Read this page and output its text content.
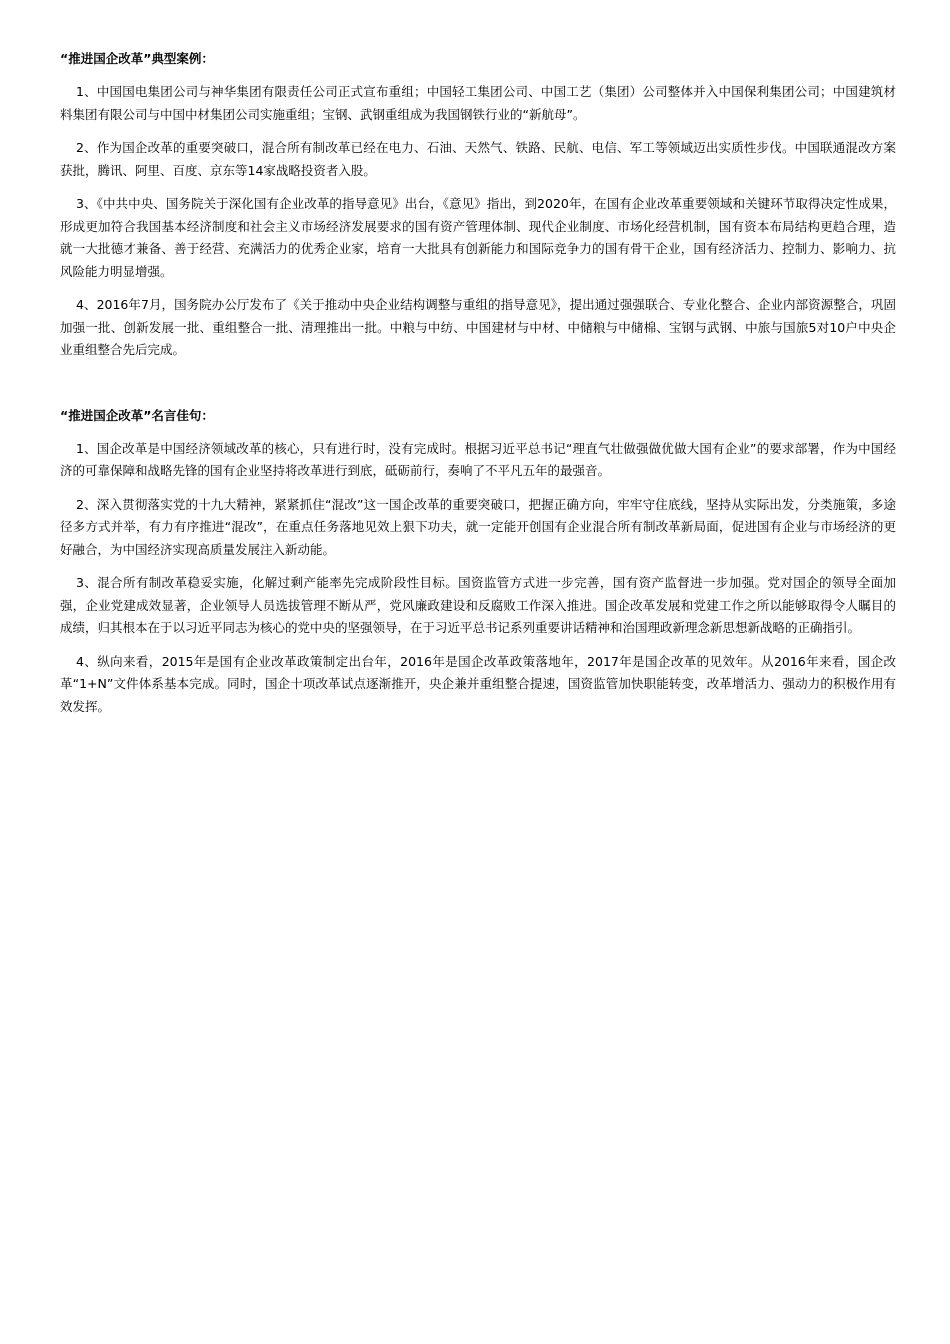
“推进国企改革”典型案例：

1、中国国电集团公司与神华集团有限责任公司正式宣布重组；中国轻工集团公司、中国工艺（集团）公司整体并入中国保利集团公司；中国建筑材料集团有限公司与中国中材集团公司实施重组；宝钢、武钢重组成为我国钢铁行业的“新航母”。

2、作为国企改革的重要突破口，混合所有制改革已经在电力、石油、天然气、铁路、民航、电信、军工等领域迈出实质性步伐。中国联通混改方案获批，腾讯、阿里、百度、京东等14家战略投资者入股。

3、《中共中央、国务院关于深化国有企业改革的指导意见》出台，《意见》指出，到2020年，在国有企业改革重要领域和关键环节取得决定性成果，形成更加符合我国基本经济制度和社会主义市场经济发展要求的国有资产管理体制、现代企业制度、市场化经营机制，国有资本布局结构更趋合理，造就一大批德才兼备、善于经营、充满活力的优秀企业家，培育一大批具有创新能力和国际竞争力的国有骨干企业，国有经济活力、控制力、影响力、抗风险能力明显增强。

4、2016年7月，国务院办公厅发布了《关于推动中央企业结构调整与重组的指导意见》，提出通过强强联合、专业化整合、企业内部资源整合，巩固加强一批、创新发展一批、重组整合一批、清理推出一批。中粮与中纺、中国建材与中材、中储粮与中储棉、宝钢与武钢、中旅与国旅5对10户中央企业重组整合先后完成。

“推进国企改革”名言佳句：

1、国企改革是中国经济领域改革的核心，只有进行时，没有完成时。根据习近平总书记“理直气壮做强做优做大国有企业”的要求部署，作为中国经济的可靠保障和战略先锋的国有企业坚持将改革进行到底，砥砺前行，奏响了不平凡五年的最强音。

2、深入贯彻落实党的十九大精神，紧紧抓住“混改”这一国企改革的重要突破口，把握正确方向，牢牢守住底线，坚持从实际出发，分类施策，多途径多方式并举，有力有序推进“混改”，在重点任务落地见效上狠下功夫，就一定能开创国有企业混合所有制改革新局面，促进国有企业与市场经济的更好融合，为中国经济实现高质量发展注入新动能。

3、混合所有制改革稳妥实施，化解过剩产能率先完成阶段性目标。国资监管方式进一步完善，国有资产监督进一步加强。党对国企的领导全面加强，企业党建成效显著，企业领导人员选拔管理不断从严，党风廉政建设和反腐败工作深入推进。国企改革发展和党建工作之所以能够取得令人瞩目的成绩，归其根本在于以习近平同志为核心的党中央的坚强领导，在于习近平总书记系列重要讲话精神和治国理政新理念新思想新战略的正确指引。

4、纵向来看，2015年是国有企业改革政策制定出台年，2016年是国企改革政策落地年，2017年是国企改革的见效年。从2016年来看，国企改革“1+N”文件体系基本完成。同时，国企十项改革试点逐渐推开，央企兼并重组整合提速，国资监管加快职能转变，改革增活力、强动力的积极作用有效发挥。
